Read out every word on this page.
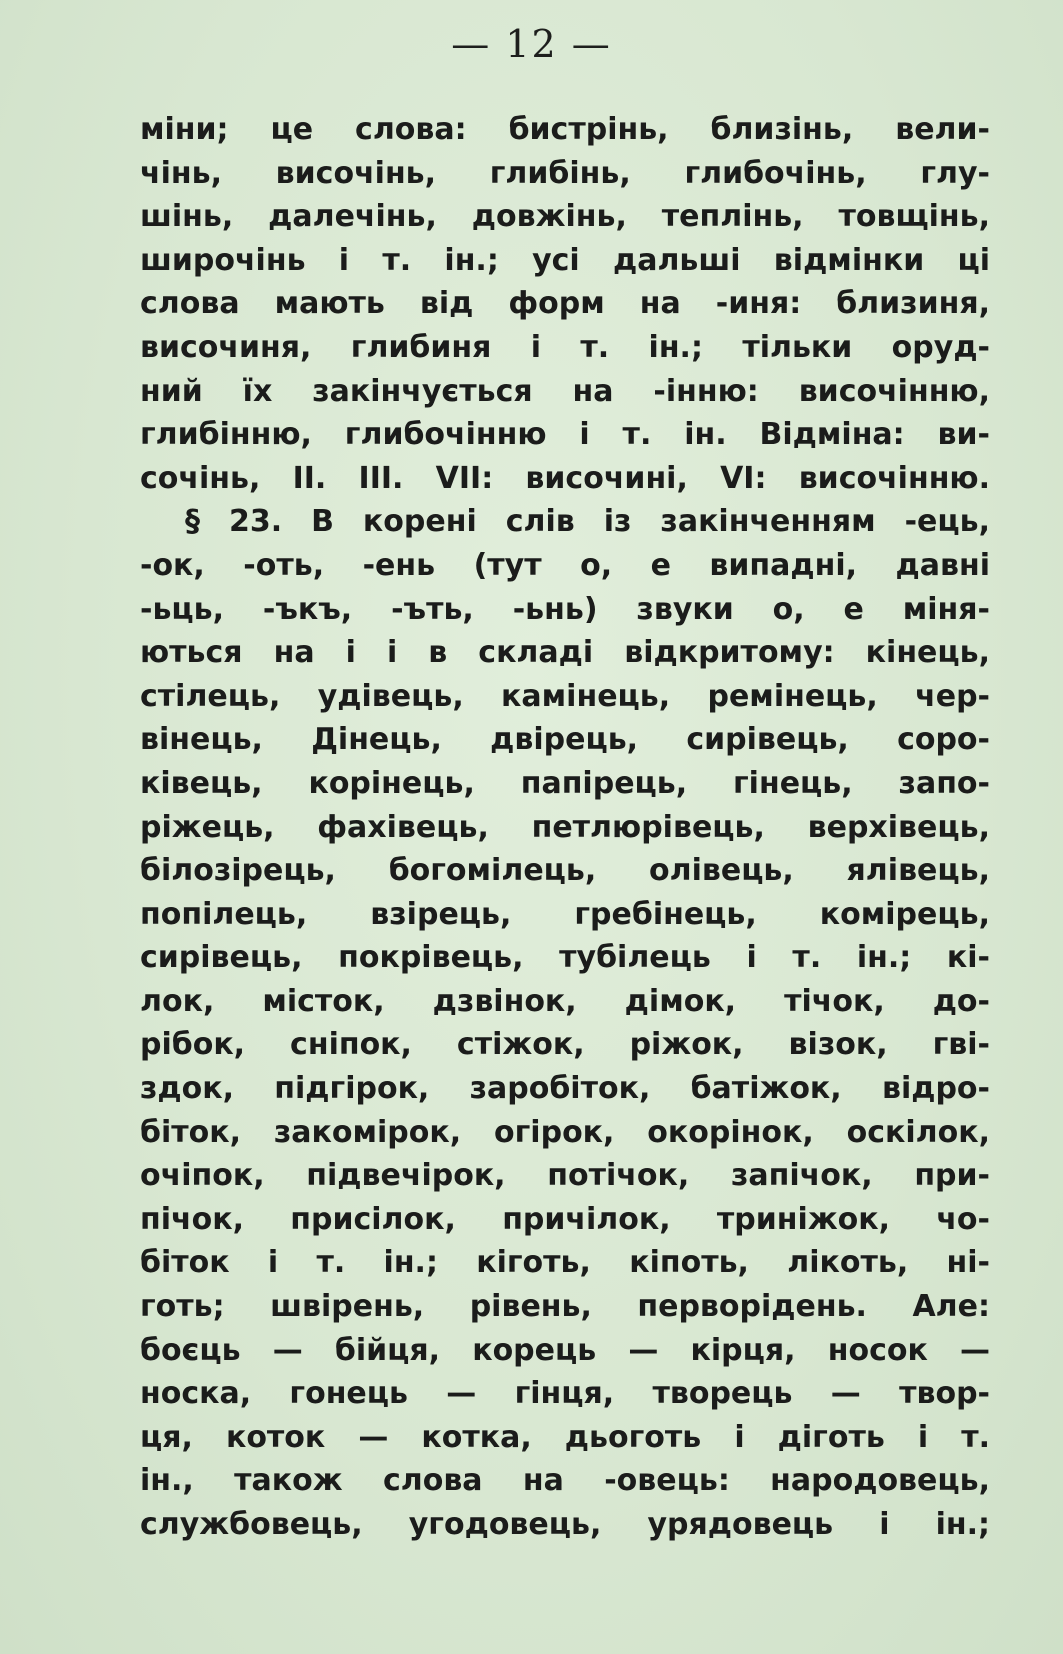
— 12 —
міни; це слова: бистрінь, близінь, вели-
чінь, височінь, глибінь, глибочінь, глу-
шінь, далечінь, довжінь, теплінь, товщінь,
широчінь і т. ін.; усі дальші відмінки ці
слова мають від форм на -иня: близиня,
височиня, глибиня і т. ін.; тільки оруд-
ний їх закінчується на -інню: височінню,
глибінню, глибочінню і т. ін. Відміна: ви-
сочінь, II. III. VII: височині, VI: височінню.
§ 23. В корені слів із закінченням -ець,
-ок, -оть, -ень (тут о, е випадні, давні
-ьць, -ъкъ, -ъть, -ьнь) звуки о, е міня-
ються на і і в складі відкритому: кінець,
стілець, удівець, камінець, ремінець, чер-
вінець, Дінець, двірець, сирівець, соро-
ківець, корінець, папірець, гінець, запо-
ріжець, фахівець, петлюрівець, верхівець,
білозірець, богомілець, олівець, ялівець,
попілець, взірець, гребінець, комірець,
сирівець, покрівець, тубілець і т. ін.; кі-
лок, місток, дзвінок, дімок, тічок, до-
рібок, сніпок, стіжок, ріжок, візок, гві-
здок, підгірок, заробіток, батіжок, відро-
біток, закомірок, огірок, окорінок, оскілок,
очіпок, підвечірок, потічок, запічок, при-
пічок, присілок, причілок, триніжок, чо-
біток і т. ін.; кіготь, кіпоть, лікоть, ні-
готь; швірень, рівень, перворідень. Але:
боєць — бійця, корець — кірця, носок —
носка, гонець — гінця, творець — твор-
ця, коток — котка, дьоготь і діготь і т.
ін., також слова на -овець: народовець,
службовець, угодовець, урядовець і ін.;
